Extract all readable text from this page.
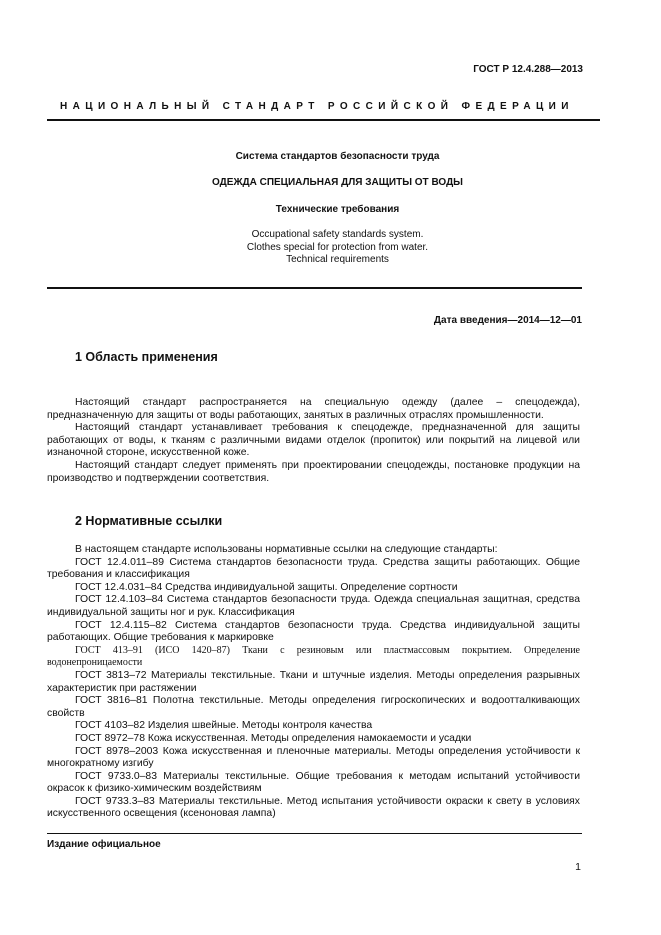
ГОСТ Р 12.4.288—2013
НАЦИОНАЛЬНЫЙ СТАНДАРТ РОССИЙСКОЙ ФЕДЕРАЦИИ
Система стандартов безопасности труда
ОДЕЖДА СПЕЦИАЛЬНАЯ ДЛЯ ЗАЩИТЫ ОТ ВОДЫ
Технические требования
Occupational safety standards system.
Clothes special for protection from water.
Technical requirements
Дата введения—2014—12—01
1 Область применения

Настоящий стандарт распространяется на специальную одежду (далее – спецодежда), предназначенную для защиты от воды работающих, занятых в различных отраслях промышленности.

Настоящий стандарт устанавливает требования к спецодежде, предназначенной для защиты работающих от воды, к тканям с различными видами отделок (пропиток) или покрытий на лицевой или изнаночной стороне, искусственной коже.

Настоящий стандарт следует применять при проектировании спецодежды, постановке продукции на производство и подтверждении соответствия.

2 Нормативные ссылки

В настоящем стандарте использованы нормативные ссылки на следующие стандарты:

ГОСТ 12.4.011–89 Система стандартов безопасности труда. Средства защиты работающих. Общие требования и классификация

ГОСТ 12.4.031–84 Средства индивидуальной защиты. Определение сортности

ГОСТ 12.4.103–84 Система стандартов безопасности труда. Одежда специальная защитная, средства индивидуальной защиты ног и рук. Классификация

ГОСТ 12.4.115–82 Система стандартов безопасности труда. Средства индивидуальной защиты работающих. Общие требования к маркировке

ГОСТ 413–91 (ИСО 1420–87) Ткани с резиновым или пластмассовым покрытием. Определение водонепроницаемости

ГОСТ 3813–72 Материалы текстильные. Ткани и штучные изделия. Методы определения разрывных характеристик при растяжении

ГОСТ 3816–81 Полотна текстильные. Методы определения гигроскопических и водоотталкивающих свойств

ГОСТ 4103–82 Изделия швейные. Методы контроля качества

ГОСТ 8972–78 Кожа искусственная. Методы определения намокаемости и усадки

ГОСТ 8978–2003 Кожа искусственная и пленочные материалы. Методы определения устойчивости к многократному изгибу

ГОСТ 9733.0–83 Материалы текстильные. Общие требования к методам испытаний устойчивости окрасок к физико-химическим воздействиям

ГОСТ 9733.3–83 Материалы текстильные. Метод испытания устойчивости окраски к свету в условиях искусственного освещения (ксеноновая лампа)

Издание официальное
1
